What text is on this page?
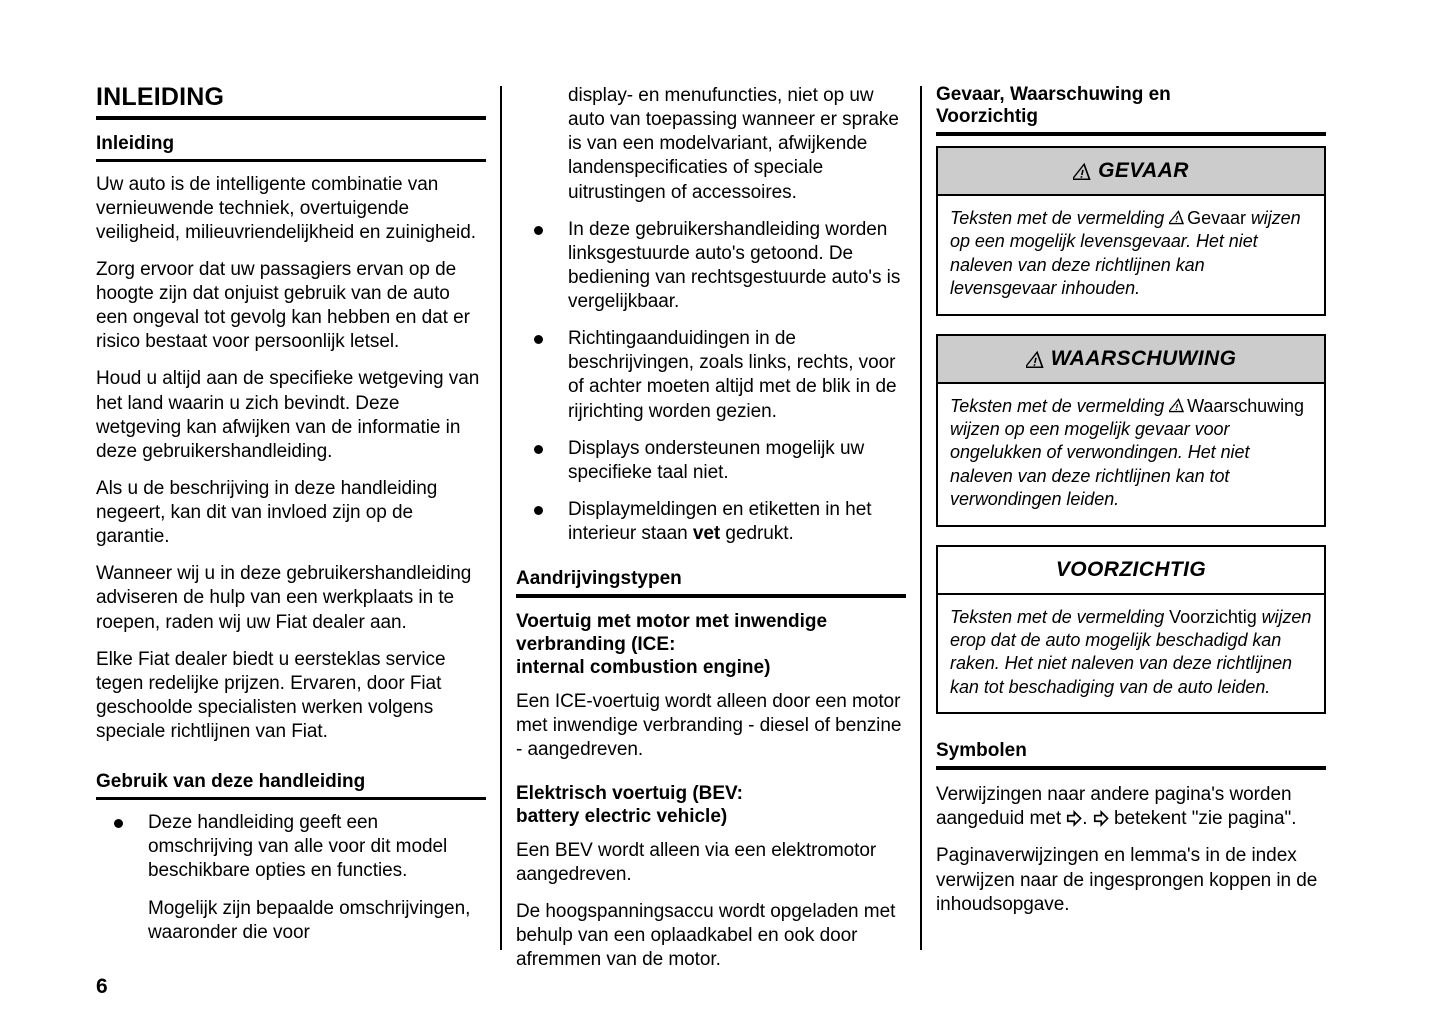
INLEIDING
Inleiding

Uw auto is de intelligente combinatie van vernieuwende techniek, overtuigende veiligheid, milieuvriendelijkheid en zuinigheid.

Zorg ervoor dat uw passagiers ervan op de hoogte zijn dat onjuist gebruik van de auto een ongeval tot gevolg kan hebben en dat er risico bestaat voor persoonlijk letsel.

Houd u altijd aan de specifieke wetgeving van het land waarin u zich bevindt. Deze wetgeving kan afwijken van de informatie in deze gebruikershandleiding.

Als u de beschrijving in deze handleiding negeert, kan dit van invloed zijn op de garantie.

Wanneer wij u in deze gebruikershandleiding adviseren de hulp van een werkplaats in te roepen, raden wij uw Fiat dealer aan.

Elke Fiat dealer biedt u eersteklas service tegen redelijke prijzen. Ervaren, door Fiat geschoolde specialisten werken volgens speciale richtlijnen van Fiat.

Gebruik van deze handleiding
Deze handleiding geeft een omschrijving van alle voor dit model beschikbare opties en functies.
Mogelijk zijn bepaalde omschrijvingen, waaronder die voor

display- en menufuncties, niet op uw auto van toepassing wanneer er sprake is van een modelvariant, afwijkende landenspecificaties of speciale uitrustingen of accessoires.

In deze gebruikershandleiding worden linksgestuurde auto's getoond. De bediening van rechtsgestuurde auto's is vergelijkbaar.
Richtingaanduidingen in de beschrijvingen, zoals links, rechts, voor of achter moeten altijd met de blik in de rijrichting worden gezien.
Displays ondersteunen mogelijk uw specifieke taal niet.
Displaymeldingen en etiketten in het interieur staan vet gedrukt.
Aandrijvingstypen
Voertuig met motor met inwendige
verbranding (ICE:
internal combustion engine)

Een ICE-voertuig wordt alleen door een motor met inwendige verbranding - diesel of benzine - aangedreven.

Elektrisch voertuig (BEV:
battery electric vehicle)

Een BEV wordt alleen via een elektromotor aangedreven.

De hoogspanningsaccu wordt opgeladen met behulp van een oplaadkabel en ook door afremmen van de motor.

Gevaar, Waarschuwing en
Voorzichtig
GEVAAR
Teksten met de vermelding
Gevaar wijzen op een mogelijk levensgevaar. Het niet naleven van deze richtlijnen kan levensgevaar inhouden.
WAARSCHUWING
Teksten met de vermelding
Waarschuwing wijzen op een mogelijk gevaar voor ongelukken of verwondingen. Het niet naleven van deze richtlijnen kan tot verwondingen leiden.
VOORZICHTIG
Teksten met de vermelding Voorzichtig wijzen erop dat de auto mogelijk beschadigd kan raken. Het niet naleven van deze richtlijnen kan tot beschadiging van de auto leiden.
Symbolen

Verwijzingen naar andere pagina's worden aangeduid met
.
betekent "zie pagina".

Paginaverwijzingen en lemma's in de index verwijzen naar de ingesprongen koppen in de inhoudsopgave.

6
